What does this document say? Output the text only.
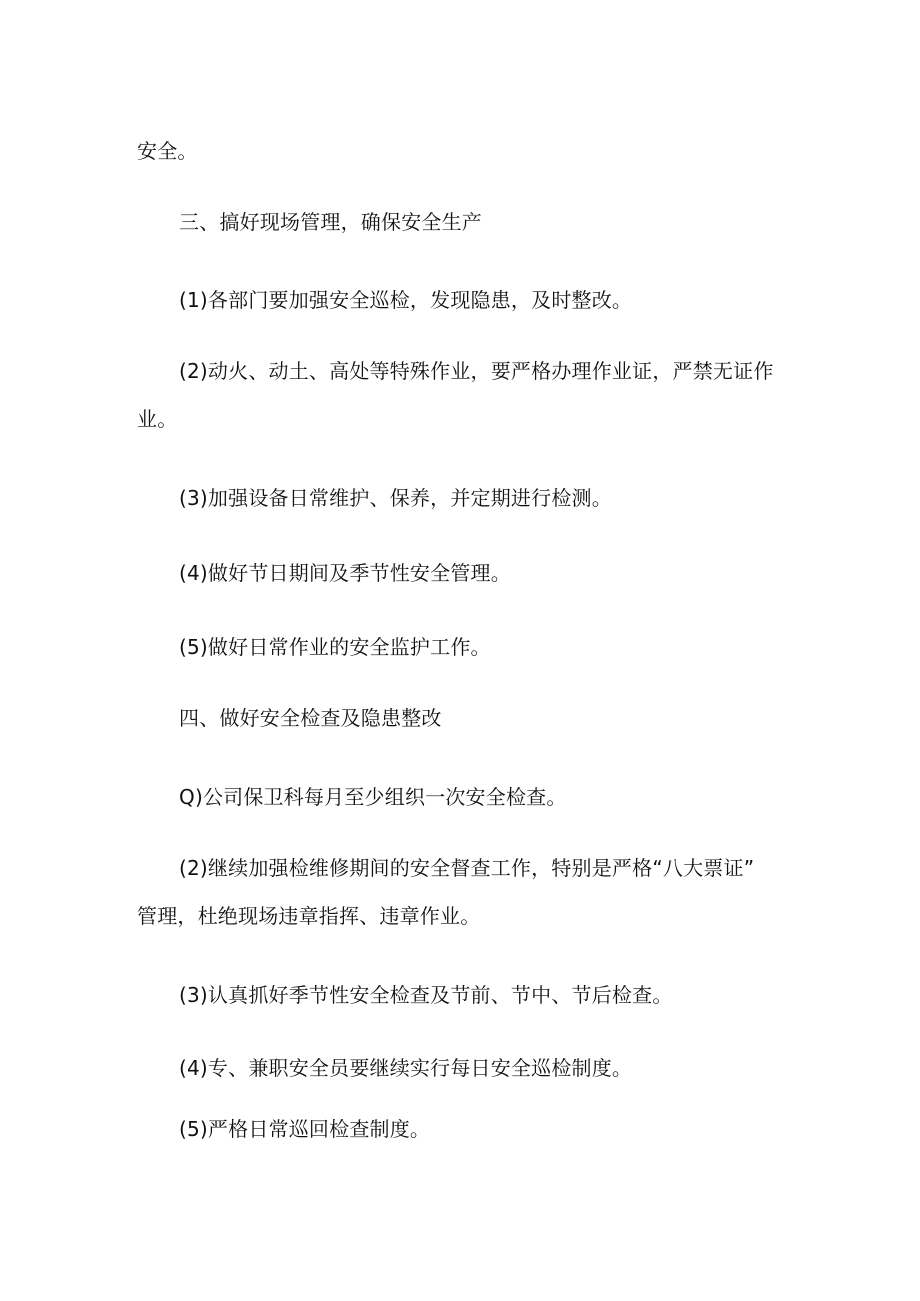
安全。
三、搞好现场管理，确保安全生产
(1)各部门要加强安全巡检，发现隐患，及时整改。
(2)动火、动土、高处等特殊作业，要严格办理作业证，严禁无证作
业。
(3)加强设备日常维护、保养，并定期进行检测。
(4)做好节日期间及季节性安全管理。
(5)做好日常作业的安全监护工作。
四、做好安全检查及隐患整改
Q)公司保卫科每月至少组织一次安全检查。
(2)继续加强检维修期间的安全督查工作，特别是严格“八大票证”
管理，杜绝现场违章指挥、违章作业。
(3)认真抓好季节性安全检查及节前、节中、节后检查。
(4)专、兼职安全员要继续实行每日安全巡检制度。
(5)严格日常巡回检查制度。
